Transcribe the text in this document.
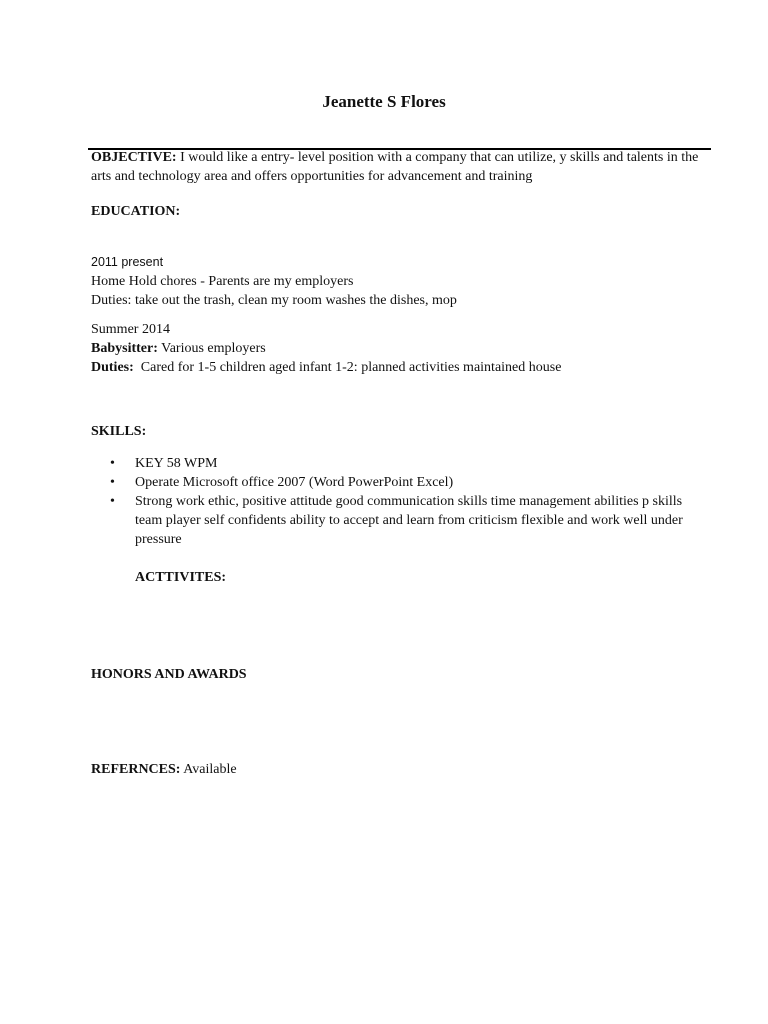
Jeanette S Flores
OBJECTIVE: I would like a entry- level position with a company that can utilize, y skills and talents in the arts and technology area and offers opportunities for advancement and training
EDUCATION:
2011 present
Home Hold chores - Parents are my employers
Duties: take out the trash, clean my room washes the dishes, mop
Summer 2014
Babysitter: Various employers
Duties: Cared for 1-5 children aged infant 1-2: planned activities maintained house
SKILLS:
• KEY 58 WPM
• Operate Microsoft office 2007 (Word PowerPoint Excel)
• Strong work ethic, positive attitude good communication skills time management abilities p skills team player self confidents ability to accept and learn from criticism flexible and work well under pressure
ACTTIVITES:
HONORS AND AWARDS
REFERNCES: Available
